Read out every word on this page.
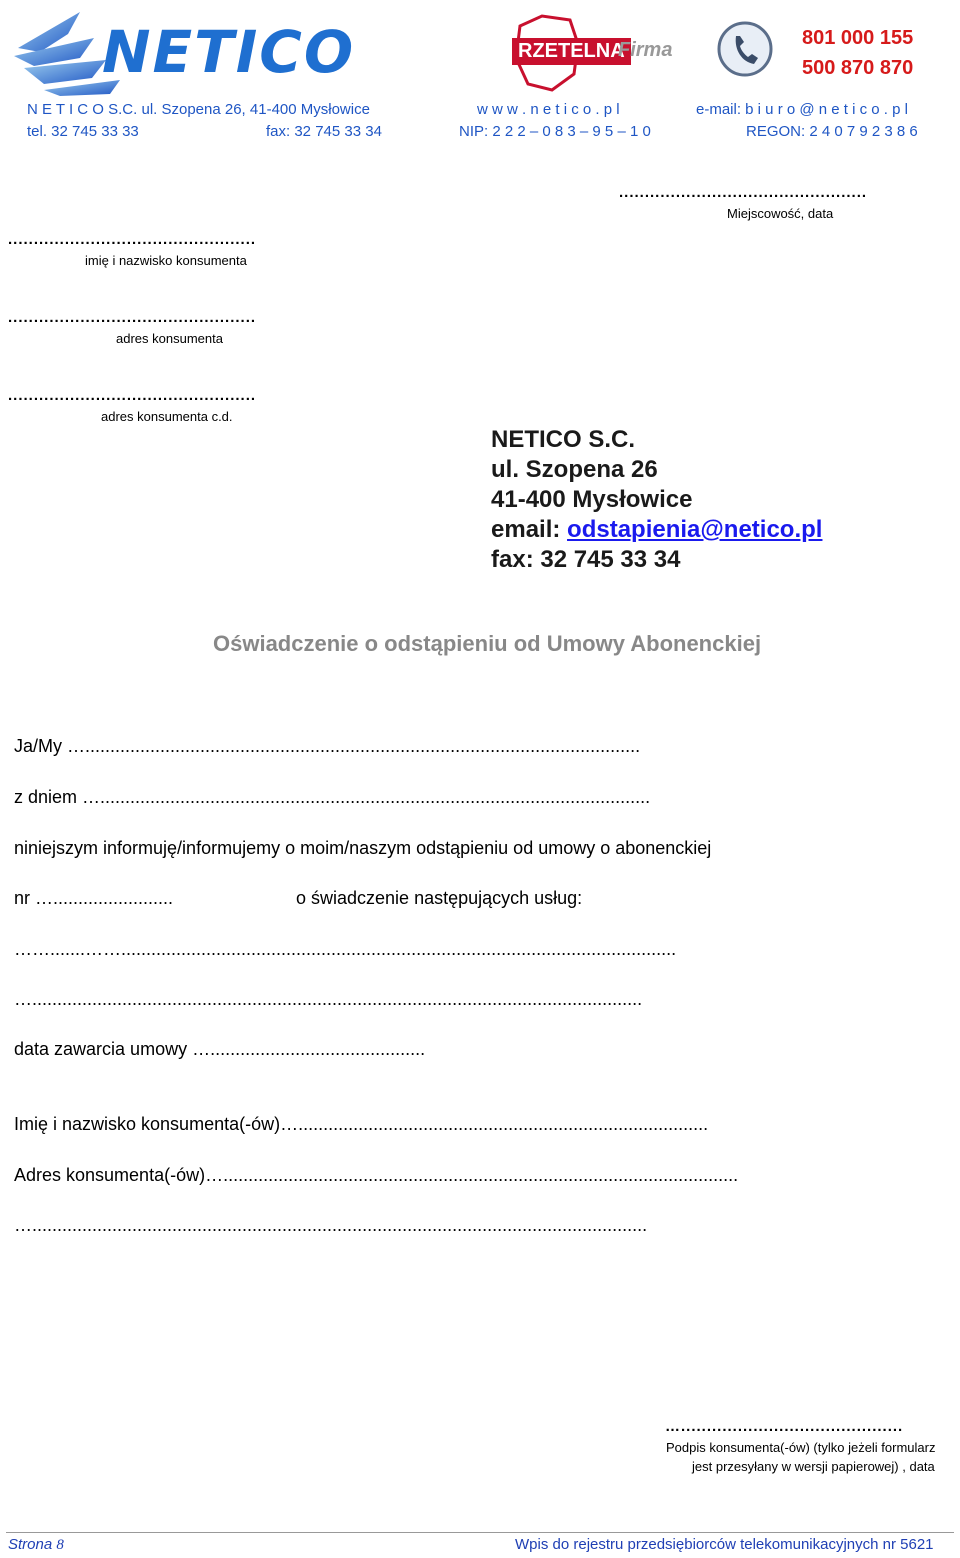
NETICO	RZETELNA
Firma
801 000 155
500 870 870
N E T I C O S.C. ul. Szopena 26, 41-400 Mysłowice	w w w . n e t i c o . p l	e-mail: b i u r o @ n e t i c o . p l
tel. 32 745 33 33	fax: 32 745 33 34	NIP: 2 2 2 – 0 8 3 – 9 5 – 1 0	REGON: 2 4 0 7 9 2 3 8 6
................................................
Miejscowość, data
................................................
imię i nazwisko konsumenta
................................................
adres konsumenta
................................................
adres konsumenta c.d.
NETICO S.C.
ul. Szopena 26
41-400 Mysłowice
email: odstapienia@netico.pl
fax: 32 745 33 34
Oświadczenie o odstąpieniu od Umowy Abonenckiej
Ja/My …...............................................................................................................
z dniem …..............................................................................................................
niniejszym informuję/informujemy o moim/naszym odstąpieniu od umowy o abonenckiej
nr …........................	o świadczenie następujących usług:
…….......……...............................................................................................................
…..........................................................................................................................
data zawarcia umowy …...........................................
Imię i nazwisko konsumenta(-ów)…..................................................................................
Adres konsumenta(-ów)….......................................................................................................
…...........................................................................................................................
…...........................................
Podpis konsumenta(-ów) (tylko jeżeli formularz
jest przesyłany w wersji papierowej) , data
Strona 8	Wpis do rejestru przedsiębiorców telekomunikacyjnych nr 5621
